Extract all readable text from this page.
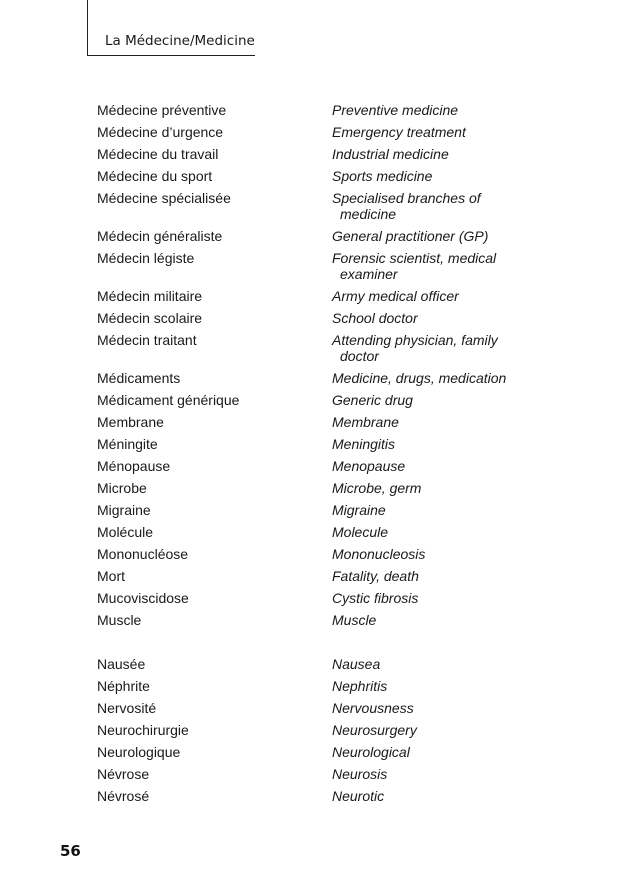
La Médecine/Medicine
Médecine préventive	Preventive medicine
Médecine d’urgence	Emergency treatment
Médecine du travail	Industrial medicine
Médecine du sport	Sports medicine
Médecine spécialisée	Specialised branches of
medicine
Médecin généraliste	General practitioner (GP)
Médecin légiste	Forensic scientist, medical
examiner
Médecin militaire	Army medical officer
Médecin scolaire	School doctor
Médecin traitant	Attending physician, family
doctor
Médicaments	Medicine, drugs, medication
Médicament générique	Generic drug
Membrane	Membrane
Méningite	Meningitis
Ménopause	Menopause
Microbe	Microbe, germ
Migraine	Migraine
Molécule	Molecule
Mononucléose	Mononucleosis
Mort	Fatality, death
Mucoviscidose	Cystic fibrosis
Muscle	Muscle
Nausée	Nausea
Néphrite	Nephritis
Nervosité	Nervousness
Neurochirurgie	Neurosurgery
Neurologique	Neurological
Névrose	Neurosis
Névrosé	Neurotic
56
